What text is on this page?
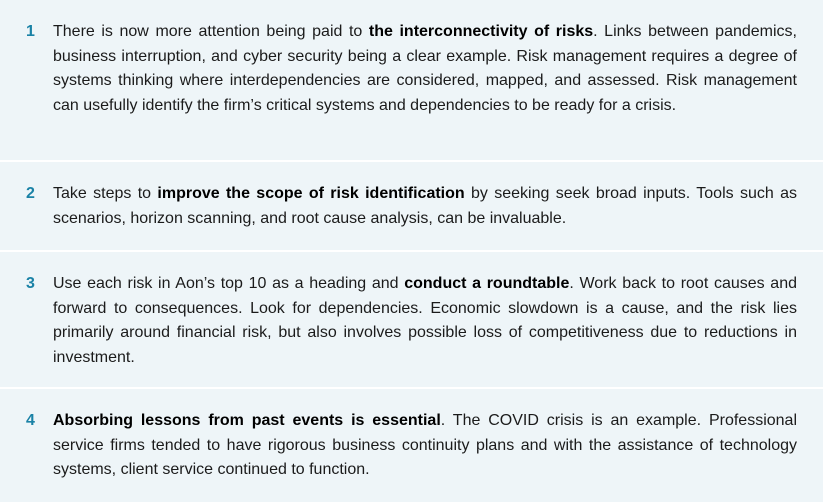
1	There is now more attention being paid to the interconnectivity of risks. Links between pandemics, business interruption, and cyber security being a clear example. Risk management requires a degree of systems thinking where interdependencies are considered, mapped, and assessed. Risk management can usefully identify the firm’s critical systems and dependencies to be ready for a crisis.

2	Take steps to improve the scope of risk identification by seeking seek broad inputs. Tools such as scenarios, horizon scanning, and root cause analysis, can be invaluable.

3	Use each risk in Aon’s top 10 as a heading and conduct a roundtable. Work back to root causes and forward to consequences. Look for dependencies. Economic slowdown is a cause, and the risk lies primarily around financial risk, but also involves possible loss of competitiveness due to reductions in investment.

4	Absorbing lessons from past events is essential. The COVID crisis is an example. Professional service firms tended to have rigorous business continuity plans and with the assistance of technology systems, client service continued to function.
